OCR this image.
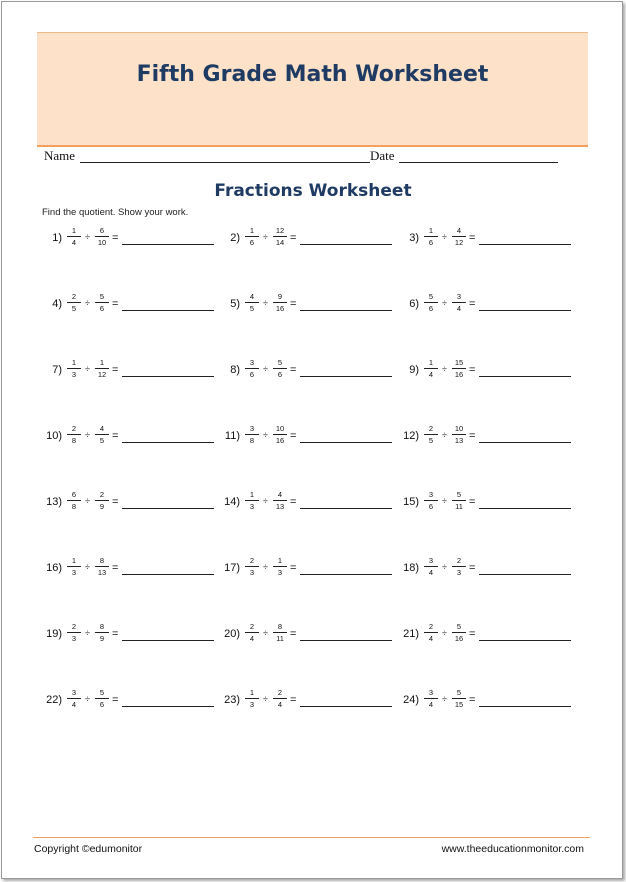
Fifth Grade Math Worksheet
Name	Date
Fractions Worksheet
Find the quotient. Show your work.
$1) \frac{1}{4} \div \frac{6}{10}$ =	$2) \frac{1}{6} \div \frac{12}{14}$ =	$3) \frac{1}{6} \div \frac{4}{12}$ =
$4) \frac{2}{5} \div \frac{5}{6}$ =	$5) \frac{4}{5} \div \frac{9}{16}$ =	$6) \frac{5}{6} \div \frac{3}{4}$ =
$7) \frac{1}{3} \div \frac{1}{12}$ =	$8) \frac{3}{6} \div \frac{5}{6}$ =	$9) \frac{1}{4} \div \frac{15}{16}$ =
$10) \frac{2}{8} \div \frac{4}{5}$ =	$11) \frac{3}{8} \div \frac{10}{16}$ =	$12) \frac{2}{5} \div \frac{10}{13}$ =
$13) \frac{6}{8} \div \frac{2}{9}$ =	$14) \frac{1}{3} \div \frac{4}{13}$ =	$15) \frac{3}{6} \div \frac{5}{11}$ =
$16) \frac{1}{3} \div \frac{8}{13}$ =	$17) \frac{2}{3} \div \frac{1}{3}$ =	$18) \frac{3}{4} \div \frac{2}{3}$ =
$19) \frac{2}{3} \div \frac{8}{9}$ =	$20) \frac{2}{4} \div \frac{8}{11}$ =	$21) \frac{2}{4} \div \frac{5}{16}$ =
$22) \frac{3}{4} \div \frac{5}{6}$ =	$23) \frac{1}{3} \div \frac{2}{4}$ =	$24) \frac{3}{4} \div \frac{5}{15}$ =
Copyright ©edumonitor	www.theeducationmonitor.com
